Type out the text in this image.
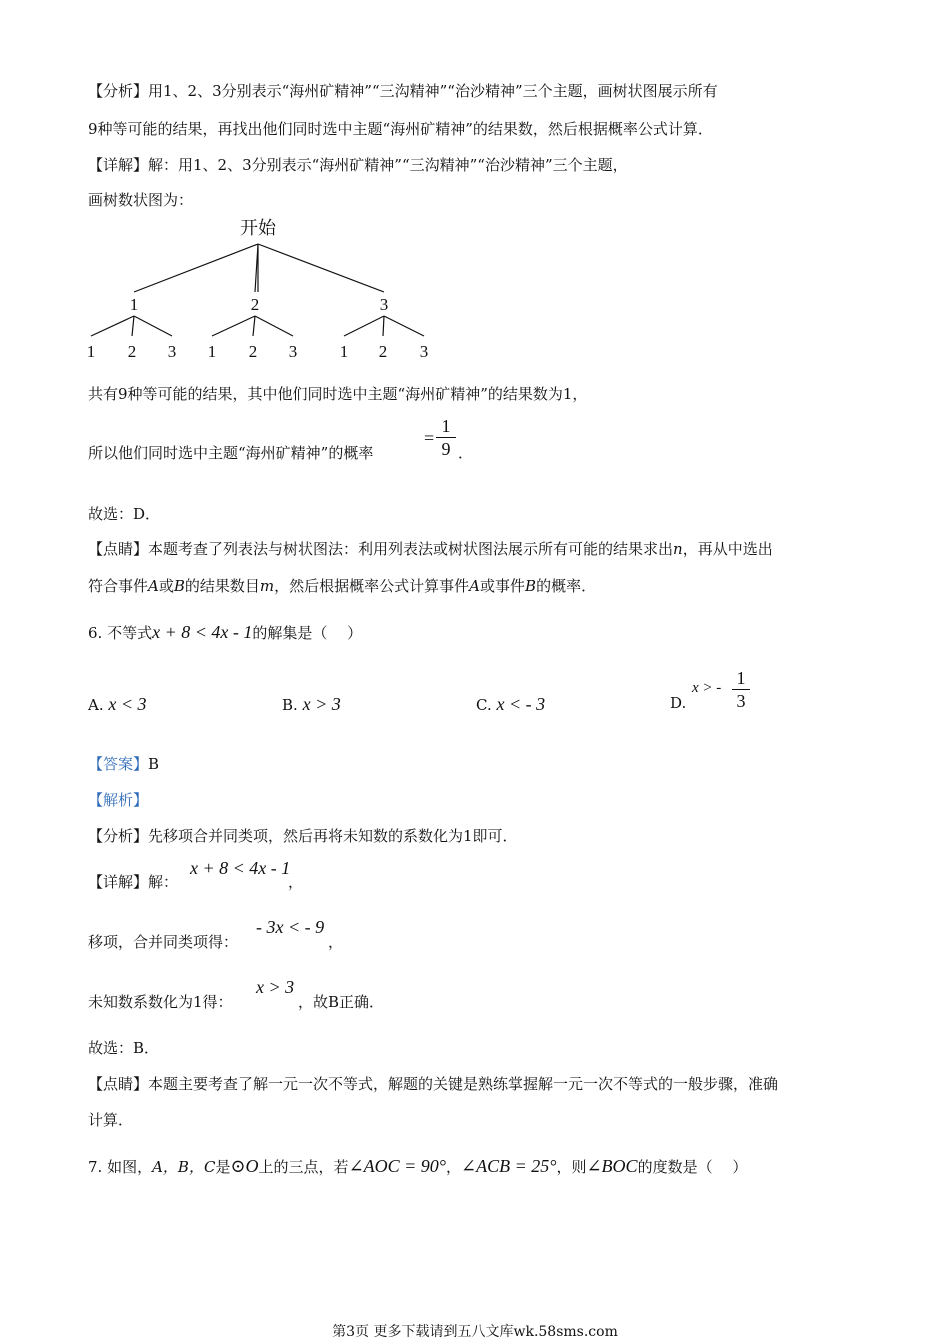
【分析】用1、2、3分别表示“海州矿精神”“三沟精神”“治沙精神”三个主题，画树状图展示所有
9种等可能的结果，再找出他们同时选中主题“海州矿精神”的结果数，然后根据概率公式计算．
【详解】解：用1、2、3分别表示“海州矿精神”“三沟精神”“治沙精神”三个主题，
画树数状图为：
开始
1	2	3
1 2 3 1 2 3	1 2 3
共有9种等可能的结果，其中他们同时选中主题“海州矿精神”的结果数为1，
所以他们同时选中主题“海州矿精神”的概率
=
1
9 ．
故选：D．
【点睛】本题考查了列表法与树状图法：利用列表法或树状图法展示所有可能的结果求出n，再从中选出
符合事件A或B的结果数目m，然后根据概率公式计算事件A或事件B的概率．
6. 不等式x + 8 < 4x - 1的解集是（　 ）
A. x < 3	B. x > 3	C. x < - 3	D.
x > - 1
3
【答案】B
【解析】
【分析】先移项合并同类项，然后再将未知数的系数化为1即可．
【详解】解：
x + 8 < 4x - 1
，
移项，合并同类项得：
- 3x < - 9
，
未知数系数化为1得：
x > 3
，故B正确．
故选：B．
【点睛】本题主要考查了解一元一次不等式，解题的关键是熟练掌握解一元一次不等式的一般步骤，准确
计算．
7. 如图，A，B，C是⊙O上的三点，若∠AOC = 90°，∠ACB = 25°，则∠BOC的度数是（　 ）
第3页 更多下载请到五八文库wk.58sms.com
